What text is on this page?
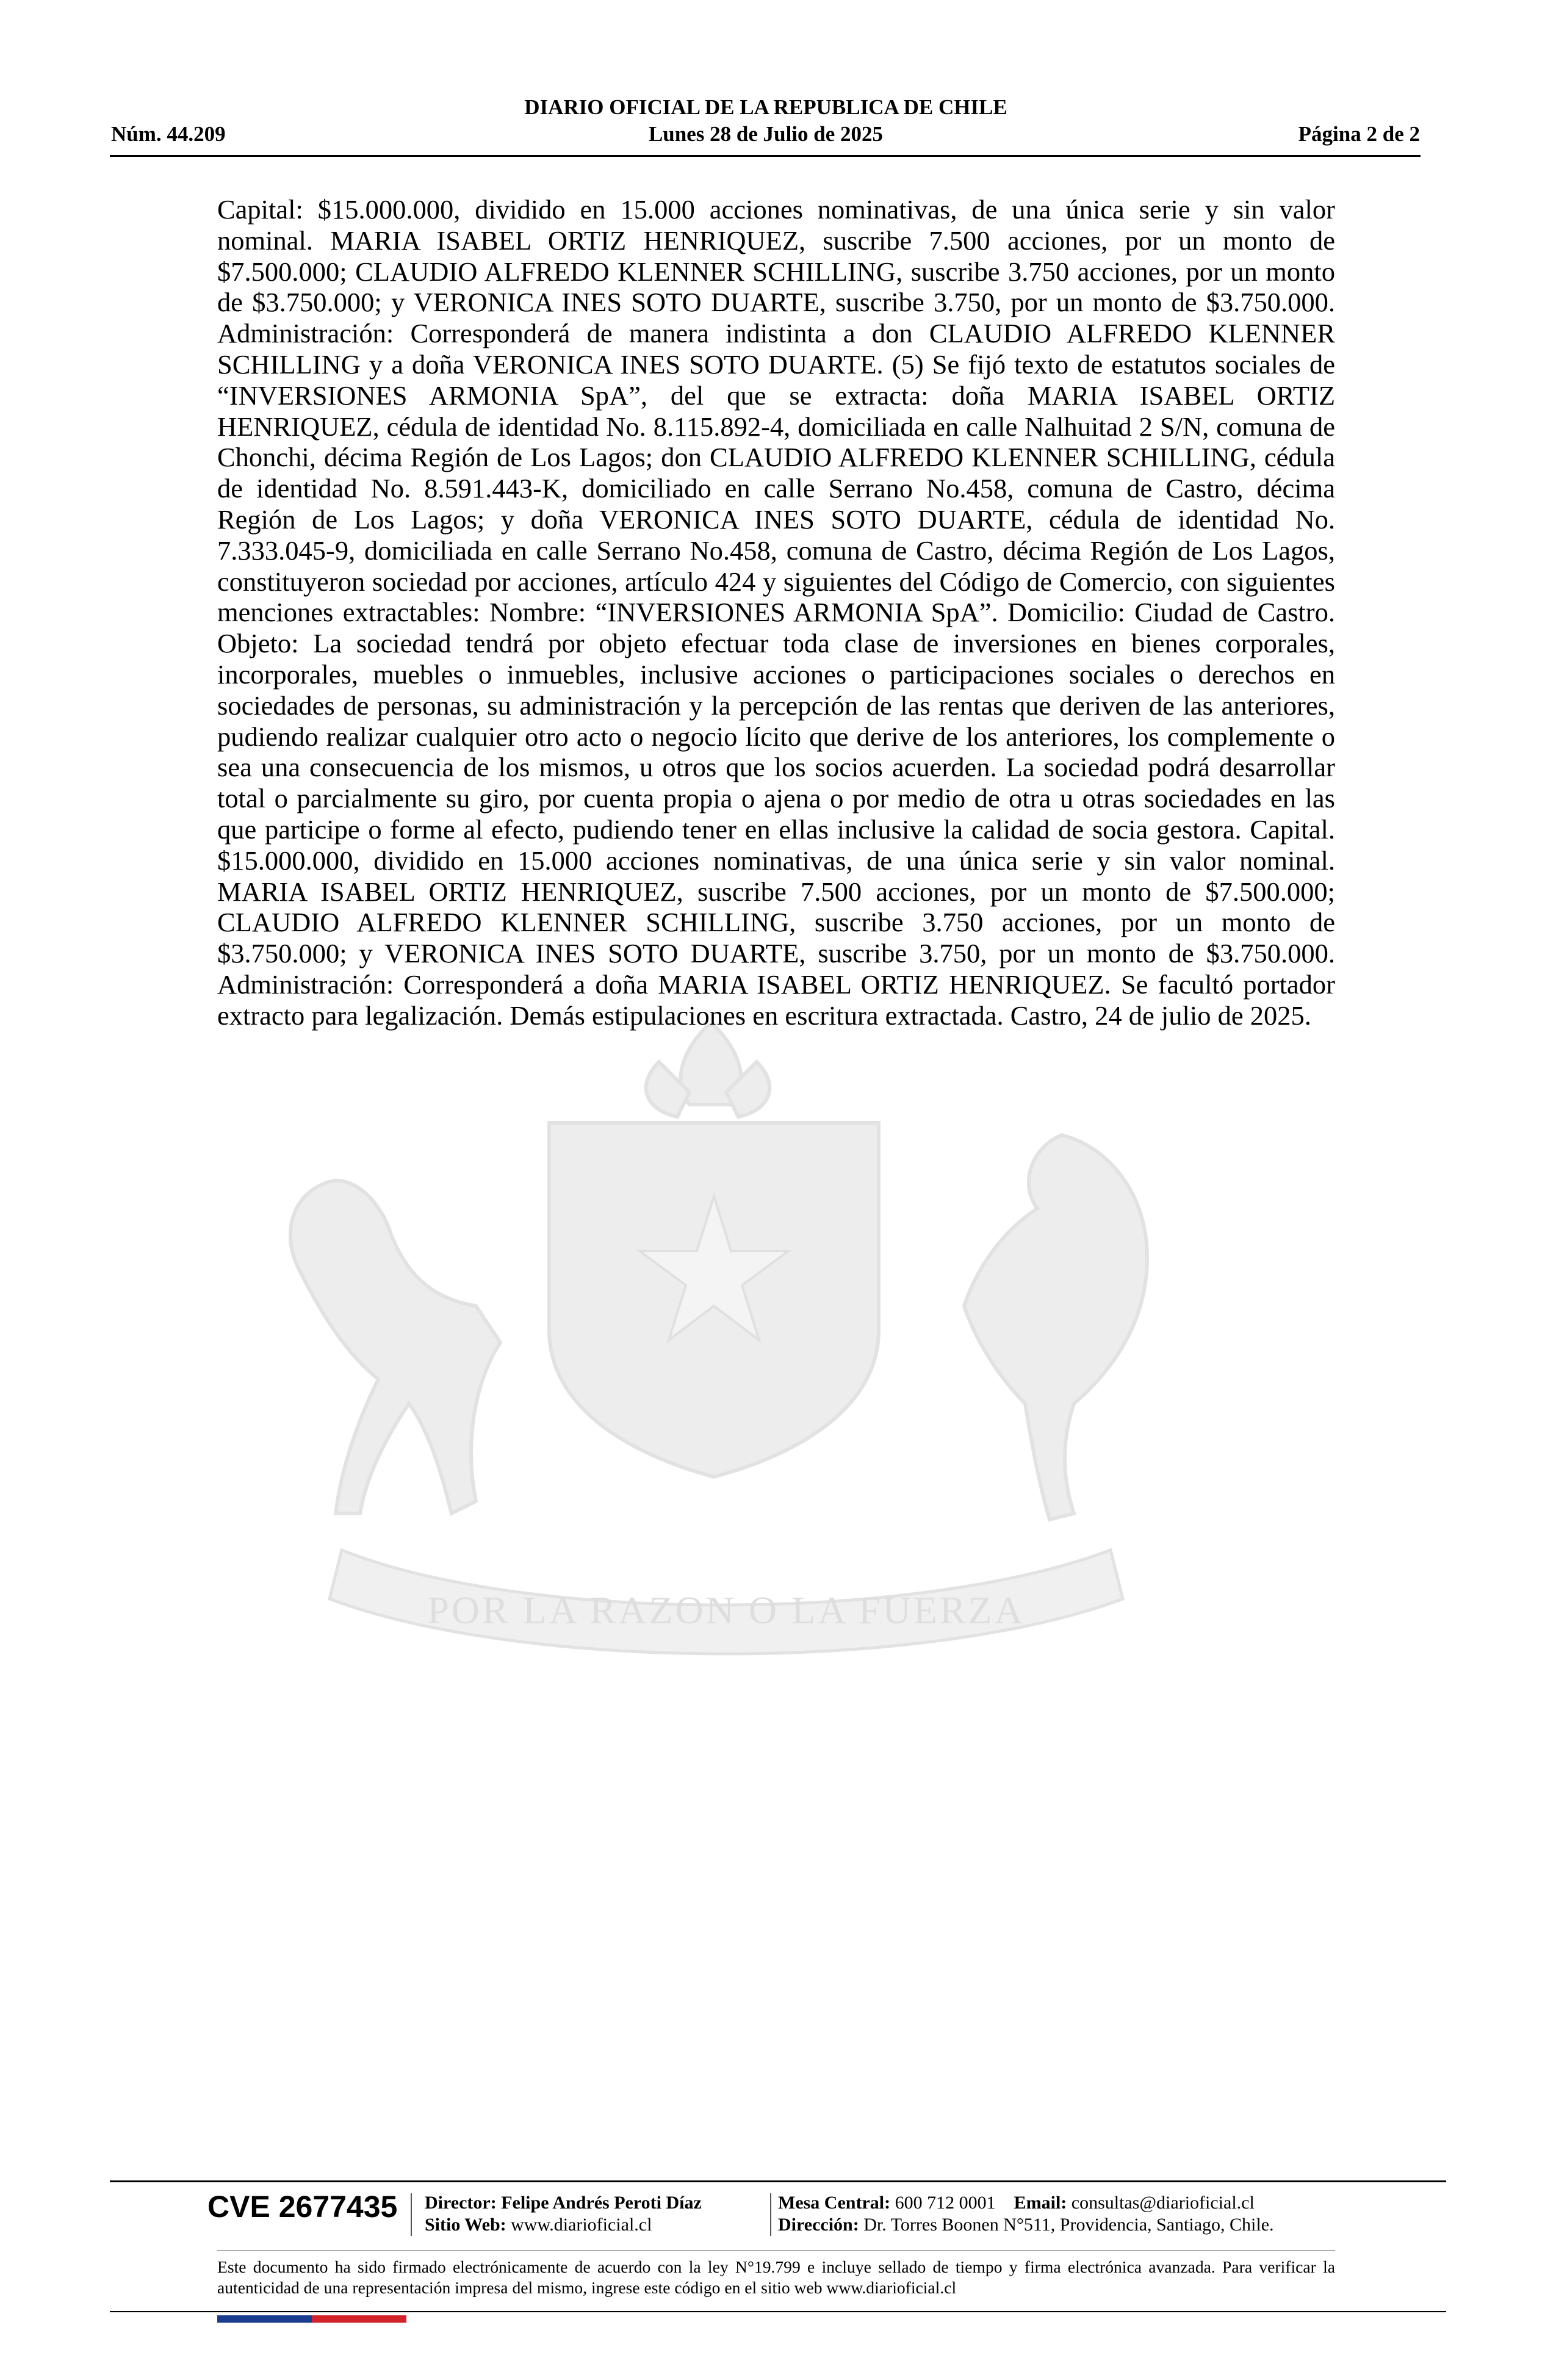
DIARIO OFICIAL DE LA REPUBLICA DE CHILE
Núm. 44.209	Lunes 28 de Julio de 2025	Página 2 de 2
POR LA RAZON O LA FUERZA

Capital: $15.000.000, dividido en 15.000 acciones nominativas, de una única serie y sin valor nominal. MARIA ISABEL ORTIZ HENRIQUEZ, suscribe 7.500 acciones, por un monto de $7.500.000; CLAUDIO ALFREDO KLENNER SCHILLING, suscribe 3.750 acciones, por un monto de $3.750.000; y VERONICA INES SOTO DUARTE, suscribe 3.750, por un monto de $3.750.000. Administración: Corresponderá de manera indistinta a don CLAUDIO ALFREDO KLENNER SCHILLING y a doña VERONICA INES SOTO DUARTE. (5) Se fijó texto de estatutos sociales de “INVERSIONES ARMONIA SpA”, del que se extracta: doña MARIA ISABEL ORTIZ HENRIQUEZ, cédula de identidad No. 8.115.892-4, domiciliada en calle Nalhuitad 2 S/N, comuna de Chonchi, décima Región de Los Lagos; don CLAUDIO ALFREDO KLENNER SCHILLING, cédula de identidad No. 8.591.443-K, domiciliado en calle Serrano No.458, comuna de Castro, décima Región de Los Lagos; y doña VERONICA INES SOTO DUARTE, cédula de identidad No. 7.333.045-9, domiciliada en calle Serrano No.458, comuna de Castro, décima Región de Los Lagos, constituyeron sociedad por acciones, artículo 424 y siguientes del Código de Comercio, con siguientes menciones extractables: Nombre: “INVERSIONES ARMONIA SpA”. Domicilio: Ciudad de Castro. Objeto: La sociedad tendrá por objeto efectuar toda clase de inversiones en bienes corporales, incorporales, muebles o inmuebles, inclusive acciones o participaciones sociales o derechos en sociedades de personas, su administración y la percepción de las rentas que deriven de las anteriores, pudiendo realizar cualquier otro acto o negocio lícito que derive de los anteriores, los complemente o sea una consecuencia de los mismos, u otros que los socios acuerden. La sociedad podrá desarrollar total o parcialmente su giro, por cuenta propia o ajena o por medio de otra u otras sociedades en las que participe o forme al efecto, pudiendo tener en ellas inclusive la calidad de socia gestora. Capital. $15.000.000, dividido en 15.000 acciones nominativas, de una única serie y sin valor nominal. MARIA ISABEL ORTIZ HENRIQUEZ, suscribe 7.500 acciones, por un monto de $7.500.000; CLAUDIO ALFREDO KLENNER SCHILLING, suscribe 3.750 acciones, por un monto de $3.750.000; y VERONICA INES SOTO DUARTE, suscribe 3.750, por un monto de $3.750.000. Administración: Corresponderá a doña MARIA ISABEL ORTIZ HENRIQUEZ. Se facultó portador extracto para legalización. Demás estipulaciones en escritura extractada. Castro, 24 de julio de 2025.

CVE 2677435 Director: Felipe Andrés Peroti Díaz
Sitio Web: www.diarioficial.cl
Mesa Central: 600 712 0001 Email: consultas@diarioficial.cl
Dirección: Dr. Torres Boonen N°511, Providencia, Santiago, Chile.

Este documento ha sido firmado electrónicamente de acuerdo con la ley N°19.799 e incluye sellado de tiempo y firma electrónica avanzada. Para verificar la autenticidad de una representación impresa del mismo, ingrese este código en el sitio web www.diarioficial.cl
